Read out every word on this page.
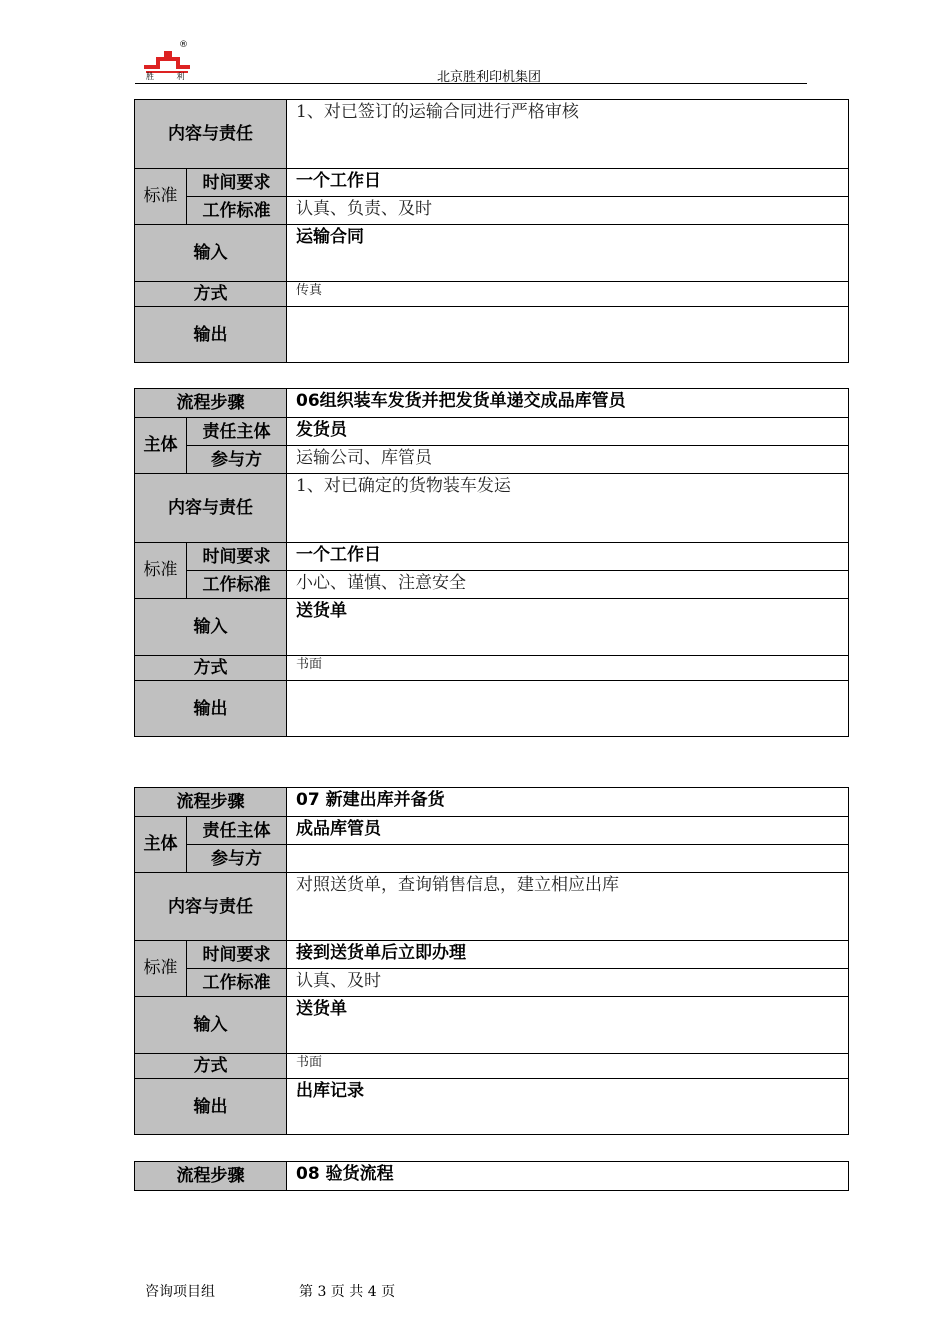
胜 利
®
北京胜利印机集团
内容与责任		1、对已签订的运输合同进行严格审核
标准	时间要求	一个工作日
	工作标准	认真、负责、及时
输入		运输合同
方式		传真
输出		
流程步骤		06组织装车发货并把发货单递交成品库管员
主体	责任主体	发货员
	参与方	运输公司、库管员
内容与责任		1、对已确定的货物装车发运
标准	时间要求	一个工作日
	工作标准	小心、谨慎、注意安全
输入		送货单
方式		书面
输出		
流程步骤		07 新建出库并备货
主体	责任主体	成品库管员
	参与方	
内容与责任		对照送货单，查询销售信息，建立相应出库
标准	时间要求	接到送货单后立即办理
	工作标准	认真、及时
输入		送货单
方式		书面
输出		出库记录
流程步骤	08 验货流程
咨询项目组	第 3 页 共 4 页
